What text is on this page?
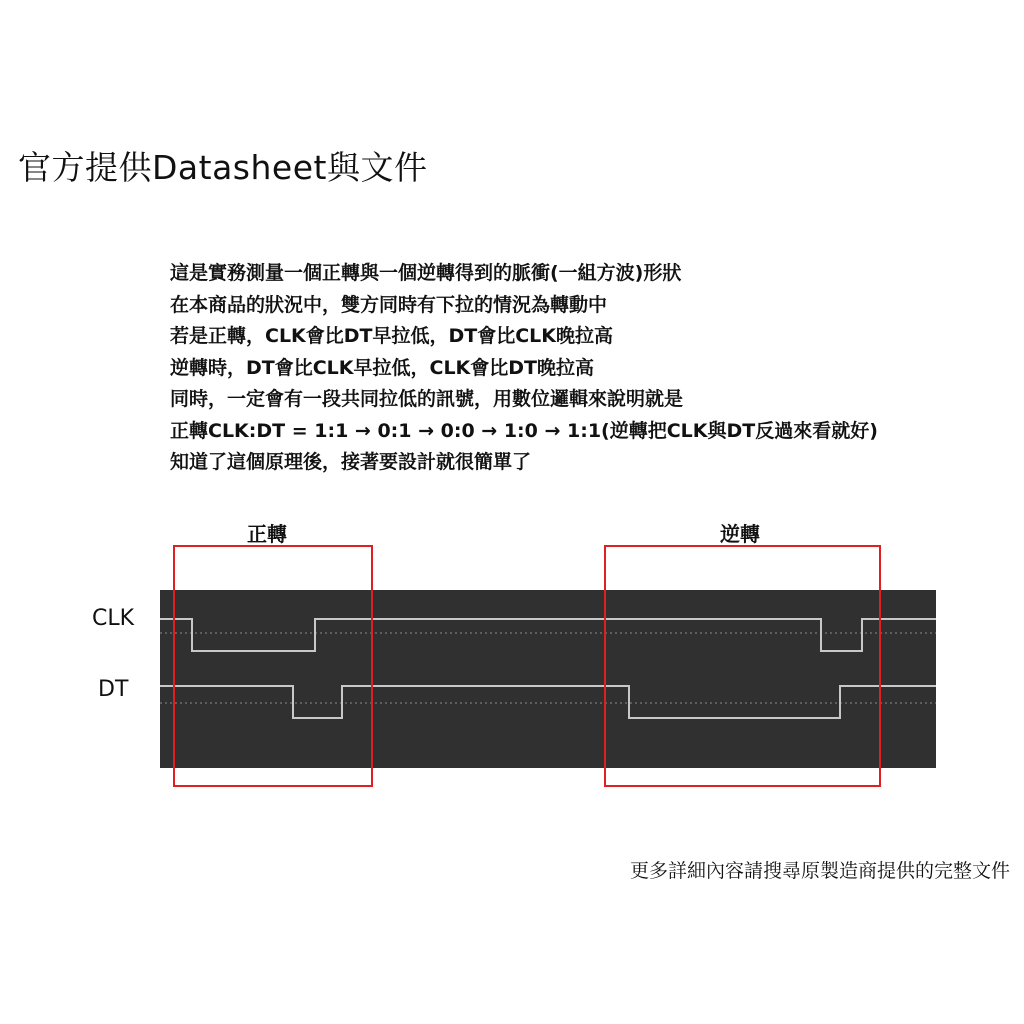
官方提供Datasheet與文件
這是實務測量一個正轉與一個逆轉得到的脈衝(一組方波)形狀
在本商品的狀況中，雙方同時有下拉的情況為轉動中
若是正轉，CLK會比DT早拉低，DT會比CLK晚拉高
逆轉時，DT會比CLK早拉低，CLK會比DT晚拉高
同時，一定會有一段共同拉低的訊號，用數位邏輯來說明就是
正轉CLK:DT = 1:1 → 0:1 → 0:0 → 1:0 → 1:1(逆轉把CLK與DT反過來看就好)
知道了這個原理後，接著要設計就很簡單了
正轉	逆轉
CLK
DT
更多詳細內容請搜尋原製造商提供的完整文件
